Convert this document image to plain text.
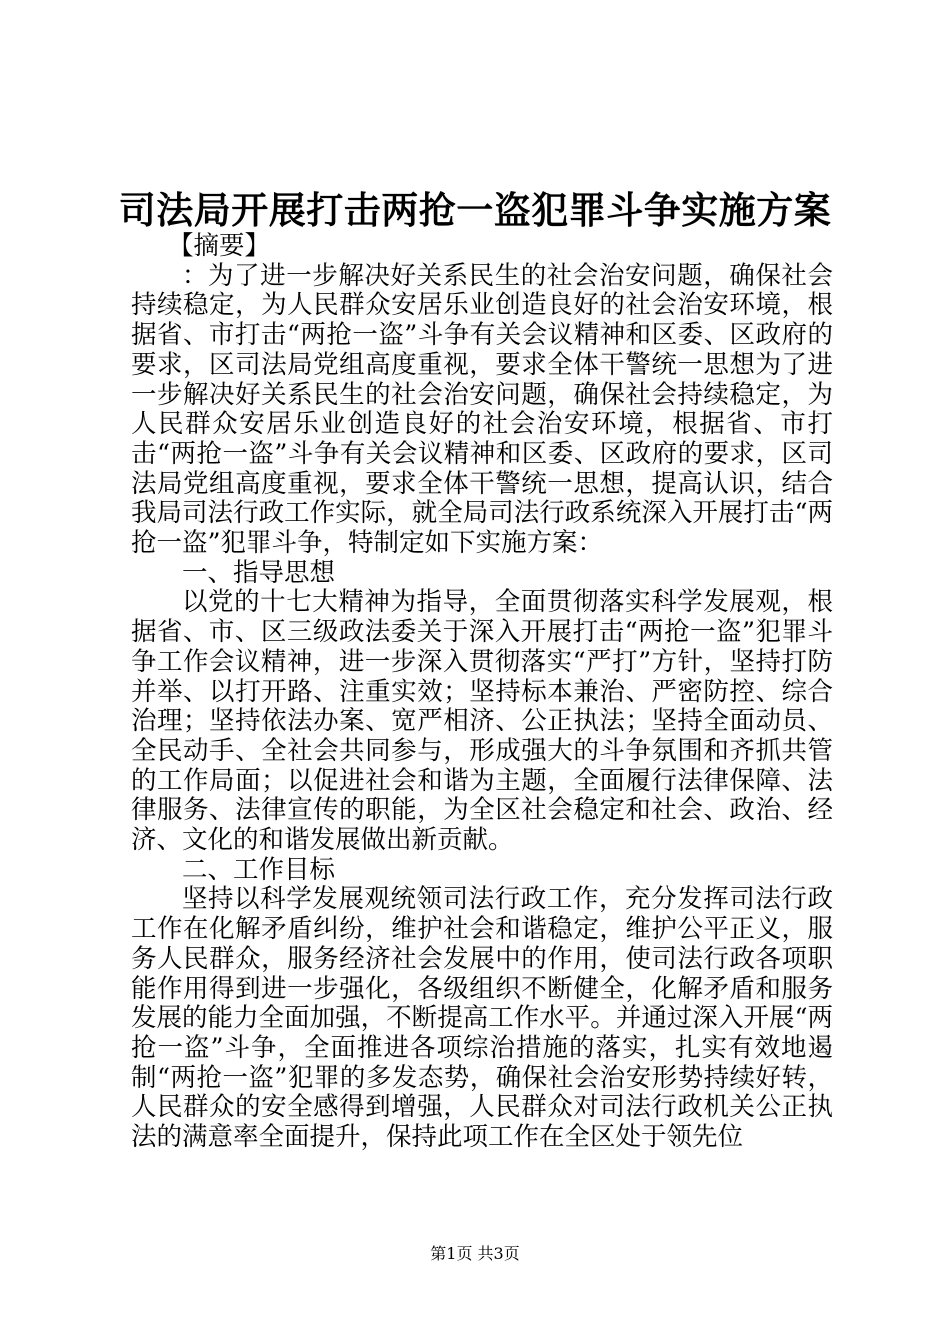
司法局开展打击两抢一盗犯罪斗争实施方案

【摘要】

：为了进一步解决好关系民生的社会治安问题，确保社会持续稳定，为人民群众安居乐业创造良好的社会治安环境，根据省、市打击“两抢一盗”斗争有关会议精神和区委、区政府的要求，区司法局党组高度重视，要求全体干警统一思想为了进一步解决好关系民生的社会治安问题，确保社会持续稳定，为人民群众安居乐业创造良好的社会治安环境，根据省、市打击“两抢一盗”斗争有关会议精神和区委、区政府的要求，区司法局党组高度重视，要求全体干警统一思想，提高认识，结合我局司法行政工作实际，就全局司法行政系统深入开展打击“两抢一盗”犯罪斗争，特制定如下实施方案：

一、指导思想

以党的十七大精神为指导，全面贯彻落实科学发展观，根据省、市、区三级政法委关于深入开展打击“两抢一盗”犯罪斗争工作会议精神，进一步深入贯彻落实“严打”方针，坚持打防并举、以打开路、注重实效；坚持标本兼治、严密防控、综合治理；坚持依法办案、宽严相济、公正执法；坚持全面动员、全民动手、全社会共同参与，形成强大的斗争氛围和齐抓共管的工作局面；以促进社会和谐为主题，全面履行法律保障、法律服务、法律宣传的职能，为全区社会稳定和社会、政治、经济、文化的和谐发展做出新贡献。

二、工作目标

坚持以科学发展观统领司法行政工作，充分发挥司法行政工作在化解矛盾纠纷，维护社会和谐稳定，维护公平正义，服务人民群众，服务经济社会发展中的作用，使司法行政各项职能作用得到进一步强化，各级组织不断健全，化解矛盾和服务发展的能力全面加强，不断提高工作水平。并通过深入开展“两抢一盗”斗争，全面推进各项综治措施的落实，扎实有效地遏制“两抢一盗”犯罪的多发态势，确保社会治安形势持续好转，人民群众的安全感得到增强，人民群众对司法行政机关公正执法的满意率全面提升，保持此项工作在全区处于领先位

第1页 共3页
